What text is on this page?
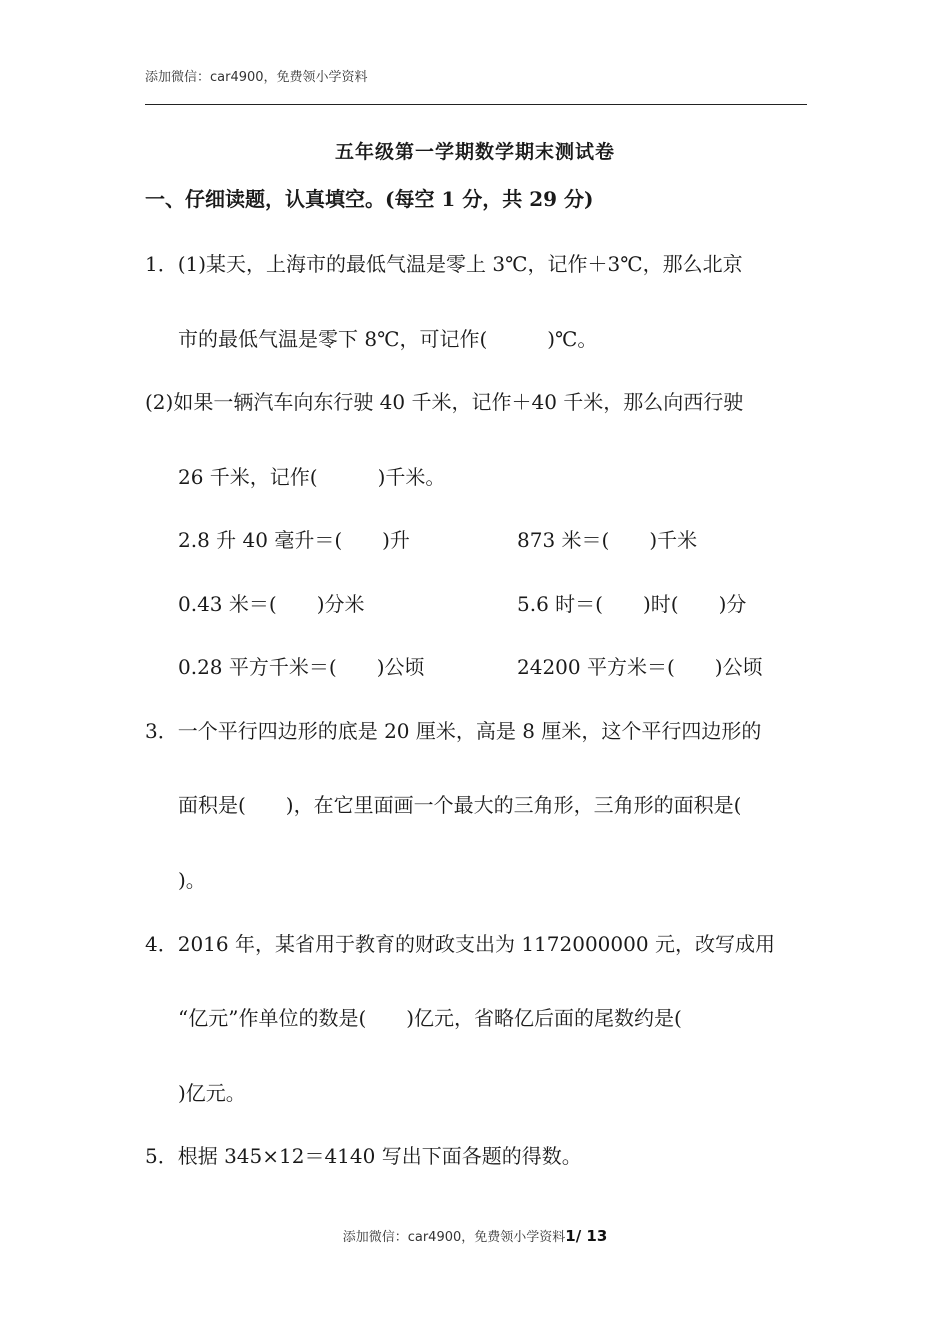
添加微信：car4900，免费领小学资料
五年级第一学期数学期末测试卷
一、仔细读题，认真填空。(每空 1 分，共 29 分)
1．(1)某天，上海市的最低气温是零上 3℃，记作＋3℃，那么北京
市的最低气温是零下 8℃，可记作(　　　)℃。
(2)如果一辆汽车向东行驶 40 千米，记作＋40 千米，那么向西行驶
26 千米，记作(　　　)千米。
2.8 升 40 毫升＝(　　)升	873 米＝(　　)千米
0.43 米＝(　　)分米	5.6 时＝(　　)时(　　)分
0.28 平方千米＝(　　)公顷	24200 平方米＝(　　)公顷
3．一个平行四边形的底是 20 厘米，高是 8 厘米，这个平行四边形的
面积是(　　)，在它里面画一个最大的三角形，三角形的面积是(
)。
4．2016 年，某省用于教育的财政支出为 1172000000 元，改写成用
“亿元”作单位的数是(　　)亿元，省略亿后面的尾数约是(
)亿元。
5．根据 345×12＝4140 写出下面各题的得数。
添加微信：car4900，免费领小学资料1/ 13
